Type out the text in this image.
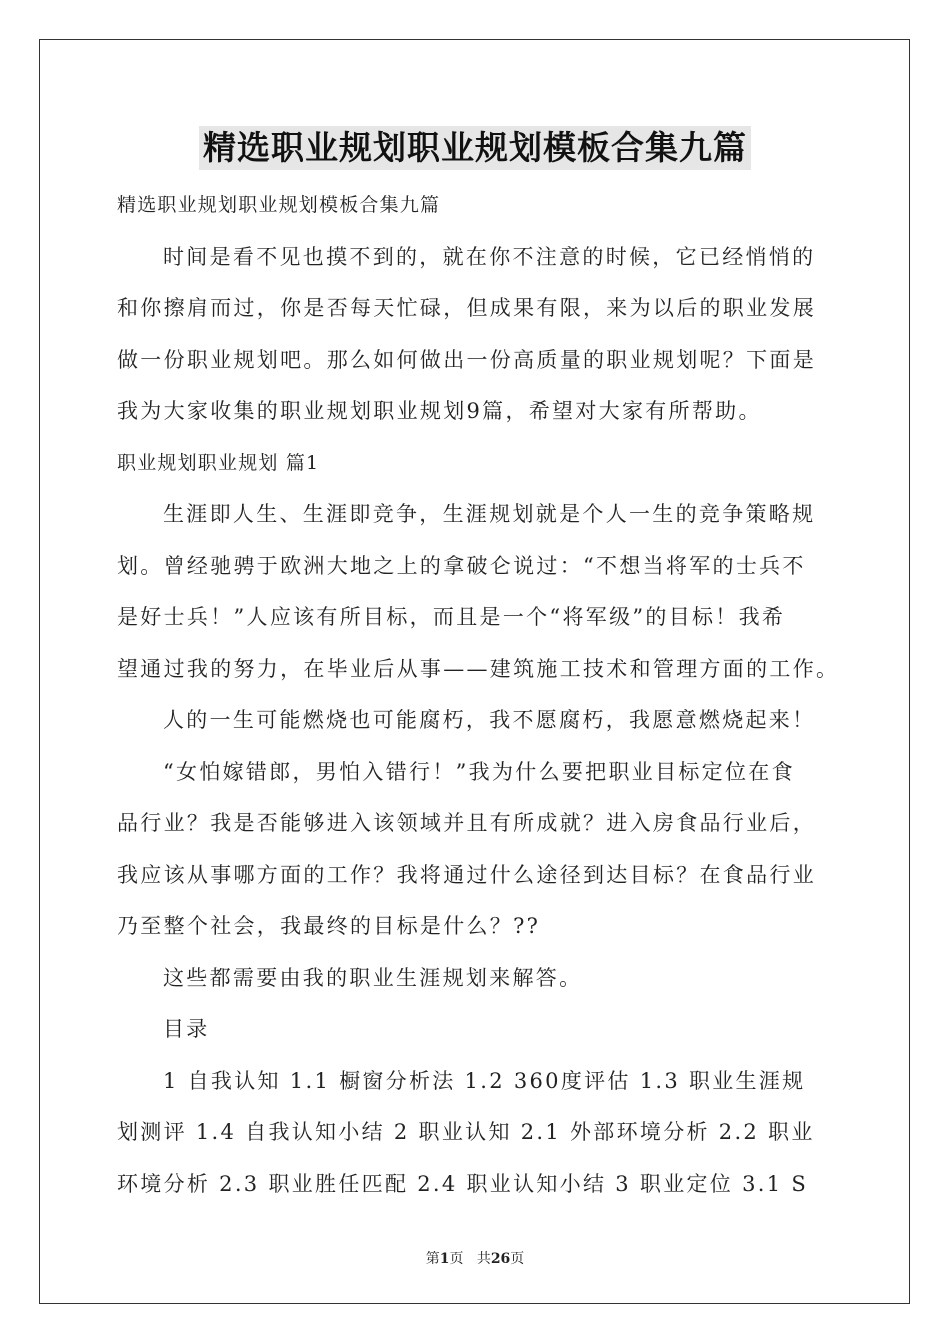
精选职业规划职业规划模板合集九篇
精选职业规划职业规划模板合集九篇
时间是看不见也摸不到的，就在你不注意的时候，它已经悄悄的
和你擦肩而过，你是否每天忙碌，但成果有限，来为以后的职业发展
做一份职业规划吧。那么如何做出一份高质量的职业规划呢？下面是
我为大家收集的职业规划职业规划9篇，希望对大家有所帮助。
职业规划职业规划 篇1
生涯即人生、生涯即竞争，生涯规划就是个人一生的竞争策略规
划。曾经驰骋于欧洲大地之上的拿破仑说过：“不想当将军的士兵不
是好士兵！”人应该有所目标，而且是一个“将军级”的目标！我希
望通过我的努力，在毕业后从事——建筑施工技术和管理方面的工作。
人的一生可能燃烧也可能腐朽，我不愿腐朽，我愿意燃烧起来！
“女怕嫁错郎，男怕入错行！”我为什么要把职业目标定位在食
品行业？我是否能够进入该领域并且有所成就？进入房食品行业后，
我应该从事哪方面的工作？我将通过什么途径到达目标？在食品行业
乃至整个社会，我最终的目标是什么？??
这些都需要由我的职业生涯规划来解答。
目录
1 自我认知 1.1 橱窗分析法 1.2 360度评估 1.3 职业生涯规
划测评 1.4 自我认知小结 2 职业认知 2.1 外部环境分析 2.2 职业
环境分析 2.3 职业胜任匹配 2.4 职业认知小结 3 职业定位 3.1 S
第1页 共26页
